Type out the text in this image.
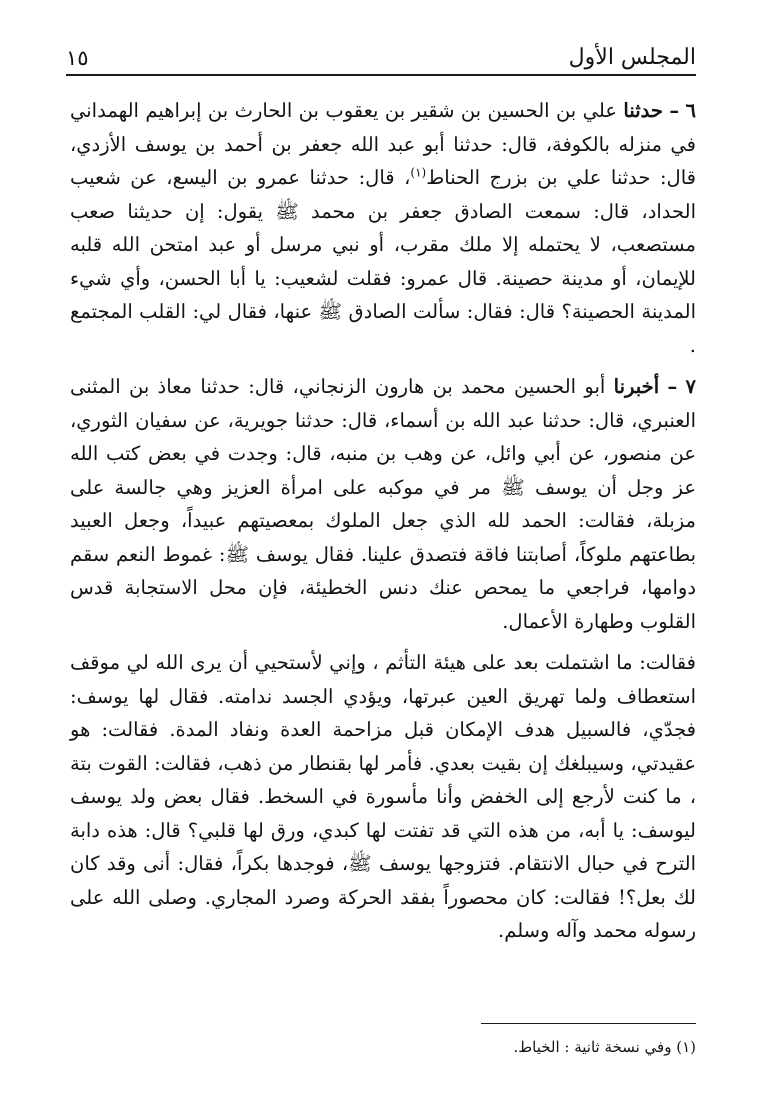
المجلس الأول
١٥

٦ – حدثنا علي بن الحسين بن شقير بن يعقوب بن الحارث بن إبراهيم الهمداني في منزله بالكوفة، قال: حدثنا أبو عبد الله جعفر بن أحمد بن يوسف الأزدي، قال: حدثنا علي بن بزرج الحناط$^{(١)}$، قال: حدثنا عمرو بن اليسع، عن شعيب الحداد، قال: سمعت الصادق جعفر بن محمد ﷺ يقول: إن حديثنا صعب مستصعب، لا يحتمله إلا ملك مقرب، أو نبي مرسل أو عبد امتحن الله قلبه للإيمان، أو مدينة حصينة. قال عمرو: فقلت لشعيب: يا أبا الحسن، وأي شيء المدينة الحصينة؟ قال: فقال: سألت الصادق ﷺ عنها، فقال لي: القلب المجتمع .

٧ – أخبرنا أبو الحسين محمد بن هارون الزنجاني، قال: حدثنا معاذ بن المثنى العنبري، قال: حدثنا عبد الله بن أسماء، قال: حدثنا جويرية، عن سفيان الثوري، عن منصور، عن أبي وائل، عن وهب بن منبه، قال: وجدت في بعض كتب الله عز وجل أن يوسف ﷺ مر في موكبه على امرأة العزيز وهي جالسة على مزبلة، فقالت: الحمد لله الذي جعل الملوك بمعصيتهم عبيداً، وجعل العبيد بطاعتهم ملوكاً، أصابتنا فاقة فتصدق علينا. فقال يوسف ﷺ: غموط النعم سقم دوامها، فراجعي ما يمحص عنك دنس الخطيئة، فإن محل الاستجابة قدس القلوب وطهارة الأعمال.

فقالت: ما اشتملت بعد على هيئة التأثم ، وإني لأستحيي أن يرى الله لي موقف استعطاف ولما تهريق العين عبرتها، ويؤدي الجسد ندامته. فقال لها يوسف: فجدّي، فالسبيل هدف الإمكان قبل مزاحمة العدة ونفاد المدة. فقالت: هو عقيدتي، وسيبلغك إن بقيت بعدي. فأمر لها بقنطار من ذهب، فقالت: القوت بتة ، ما كنت لأرجع إلى الخفض وأنا مأسورة في السخط. فقال بعض ولد يوسف ليوسف: يا أبه، من هذه التي قد تفتت لها كبدي، ورق لها قلبي؟ قال: هذه دابة الترح في حبال الانتقام. فتزوجها يوسف ﷺ، فوجدها بكراً، فقال: أنى وقد كان لك بعل؟! فقالت: كان محصوراً بفقد الحركة وصرد المجاري. وصلى الله على رسوله محمد وآله وسلم.

(١) وفي نسخة ثانية : الخياط.
